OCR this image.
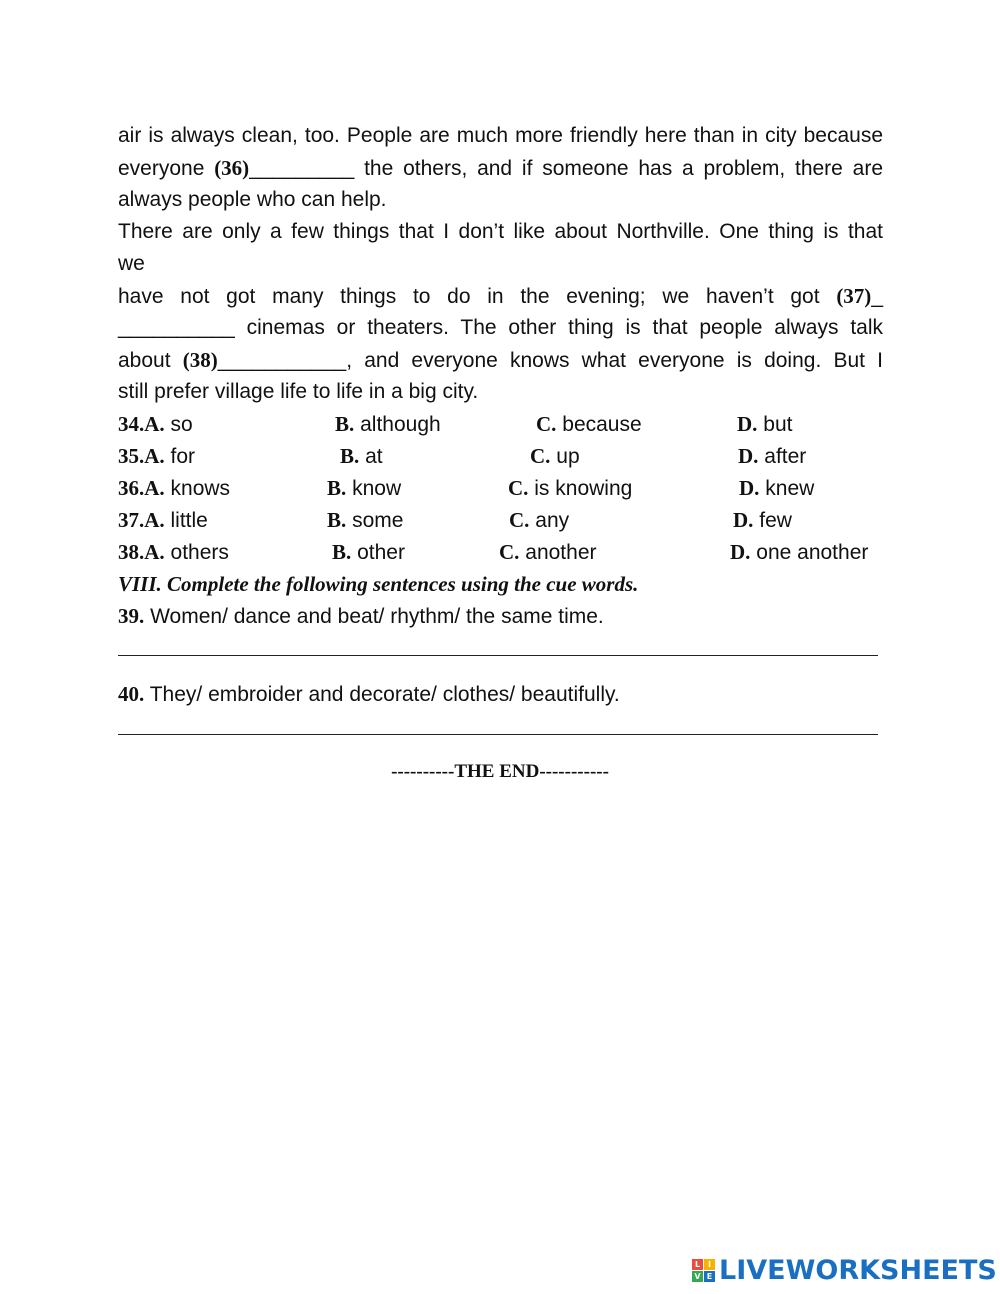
air is always clean, too. People are much more friendly here than in city because
everyone (36)_________ the others, and if someone has a problem, there are
always people who can help.
There are only a few things that I don’t like about Northville. One thing is that
we
have not got many things to do in the evening; we haven’t got (37)_
__________ cinemas or theaters. The other thing is that people always talk
about (38)___________, and everyone knows what everyone is doing. But I
still prefer village life to life in a big city.
34.A. so	B. although	C. because	D. but
35.A. for	B. at	C. up	D. after
36.A. knows	B. know	C. is knowing	D. knew
37.A. little	B. some	C. any	D. few
38.A. others	B. other	C. another	D. one another
VIII. Complete the following sentences using the cue words.
39. Women/ dance and beat/ rhythm/ the same time.
40. They/ embroider and decorate/ clothes/ beautifully.
----------THE END-----------
L I
V E LIVEWORKSHEETS
